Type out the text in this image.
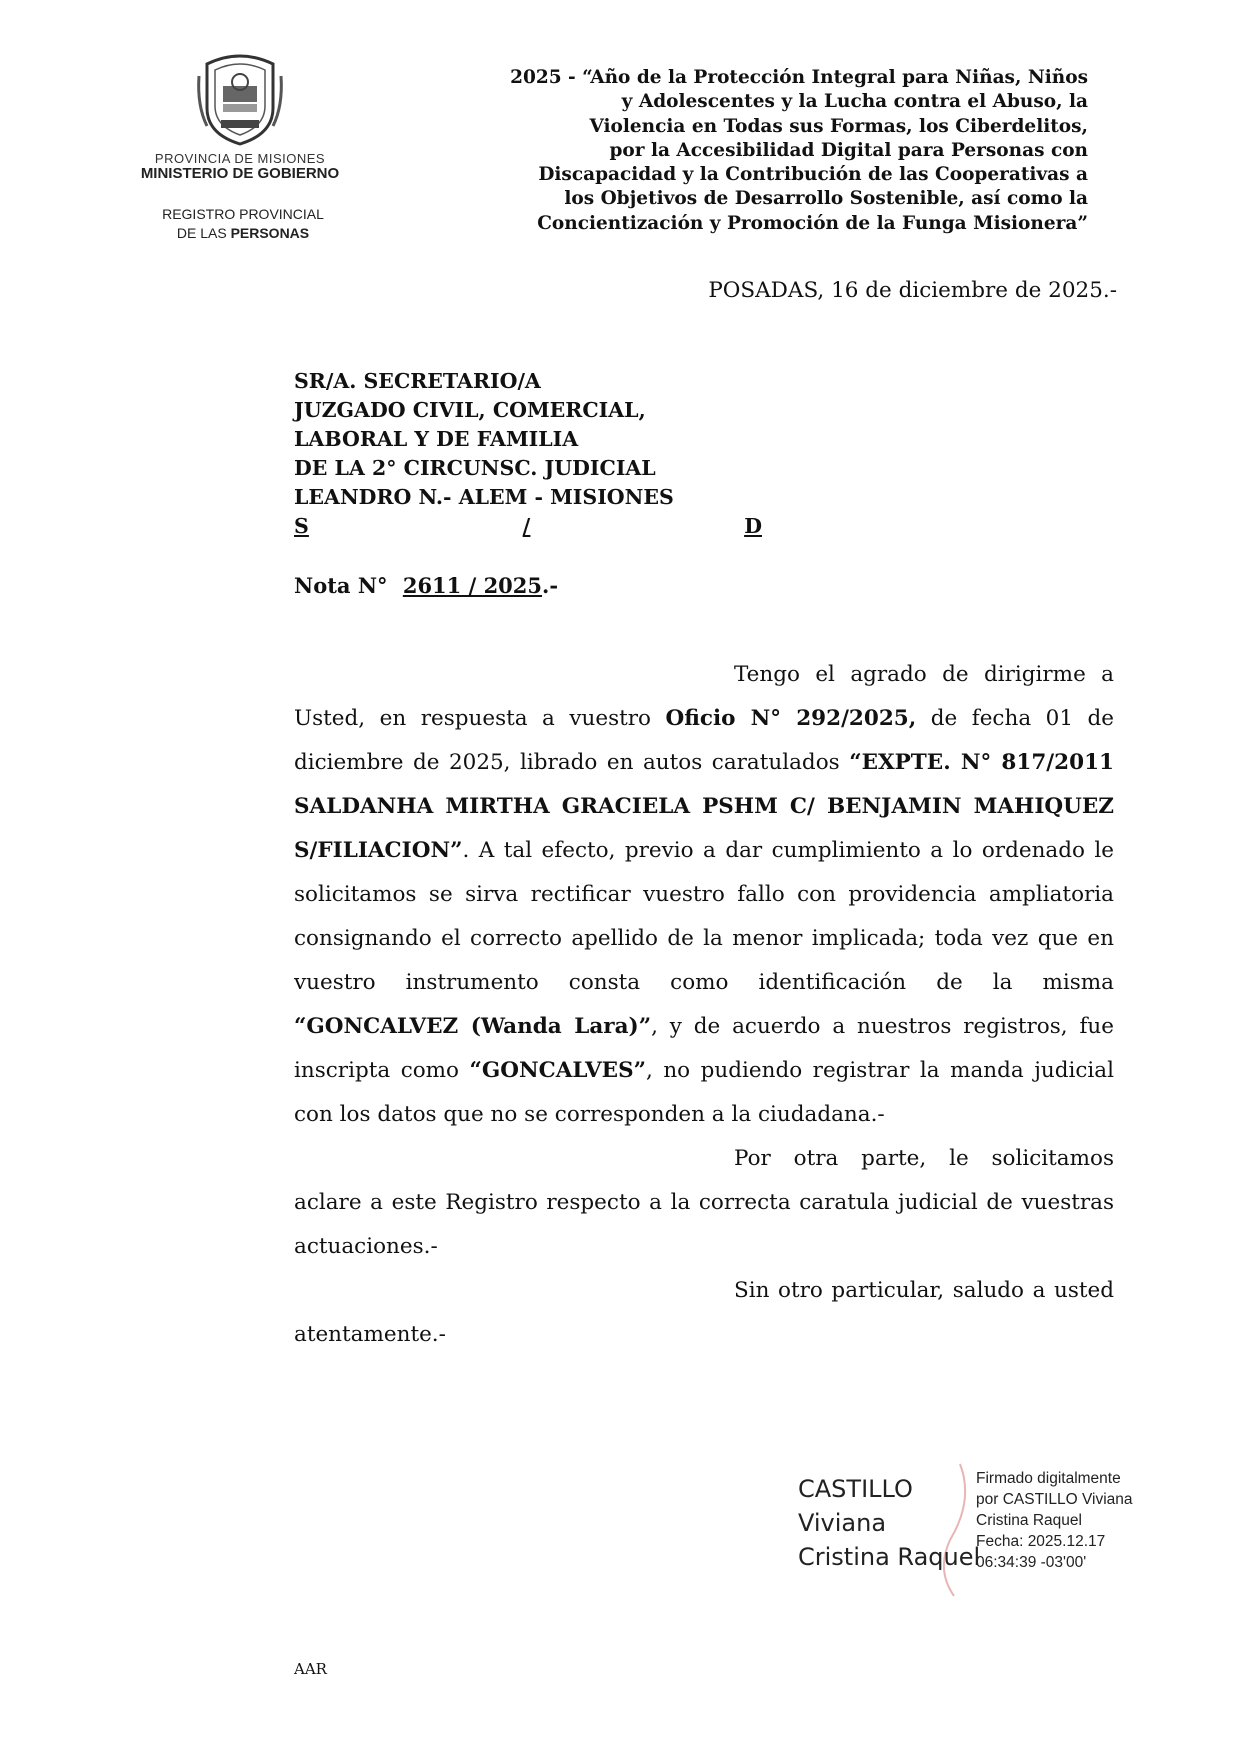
PROVINCIA DE MISIONES
MINISTERIO DE GOBIERNO
REGISTRO PROVINCIAL
DE LAS PERSONAS
2025 - “Año de la Protección Integral para Niñas, Niños
y Adolescentes y la Lucha contra el Abuso, la
Violencia en Todas sus Formas, los Ciberdelitos,
por la Accesibilidad Digital para Personas con
Discapacidad y la Contribución de las Cooperativas a
los Objetivos de Desarrollo Sostenible, así como la
Concientización y Promoción de la Funga Misionera”
POSADAS, 16 de diciembre de 2025.-
SR/A. SECRETARIO/A
JUZGADO CIVIL, COMERCIAL,
LABORAL Y DE FAMILIA
DE LA 2° CIRCUNSC. JUDICIAL
LEANDRO N.- ALEM - MISIONES
S	/	D
Nota N° 2611 / 2025.-

Tengo el agrado de dirigirme a Usted, en respuesta a vuestro Oficio N° 292/2025, de fecha 01 de diciembre de 2025, librado en autos caratulados “EXPTE. N° 817/2011 SALDANHA MIRTHA GRACIELA PSHM C/ BENJAMIN MAHIQUEZ S/FILIACION”. A tal efecto, previo a dar cumplimiento a lo ordenado le solicitamos se sirva rectificar vuestro fallo con providencia ampliatoria consignando el correcto apellido de la menor implicada; toda vez que en vuestro instrumento consta como identificación de la misma “GONCALVEZ (Wanda Lara)”, y de acuerdo a nuestros registros, fue inscripta como “GONCALVES”, no pudiendo registrar la manda judicial con los datos que no se corresponden a la ciudadana.-

Por otra parte, le solicitamos aclare a este Registro respecto a la correcta caratula judicial de vuestras actuaciones.-

Sin otro particular, saludo a usted atentamente.-

CASTILLO
Viviana
Cristina Raquel
Firmado digitalmente
por CASTILLO Viviana
Cristina Raquel
Fecha: 2025.12.17
06:34:39 -03'00'
AAR
